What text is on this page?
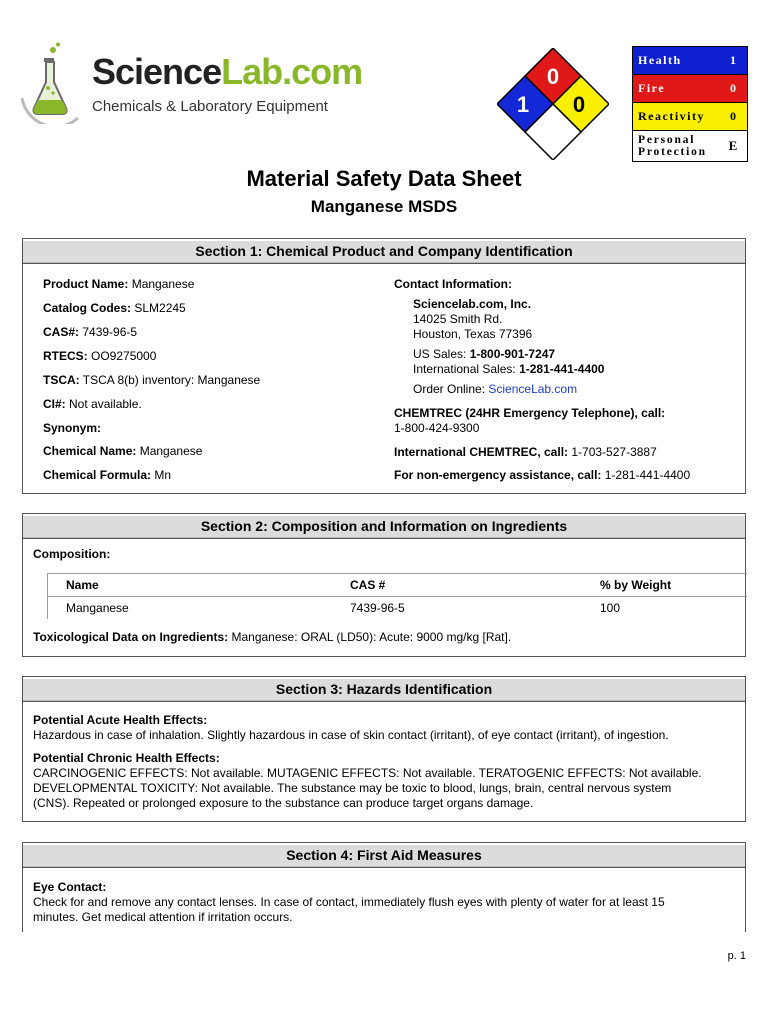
ScienceLab.com
Chemicals & Laboratory Equipment
0
1 0
Health	1
Fire	0
Reactivity	0
Personal
Protection	E
Material Safety Data Sheet
Manganese MSDS
Section 1: Chemical Product and Company Identification
Product Name: Manganese
Catalog Codes: SLM2245
CAS#: 7439-96-5
RTECS: OO9275000
TSCA: TSCA 8(b) inventory: Manganese
CI#: Not available.
Synonym:
Chemical Name: Manganese
Chemical Formula: Mn
Contact Information:
Sciencelab.com, Inc.
14025 Smith Rd.
Houston, Texas 77396
US Sales: 1-800-901-7247
International Sales: 1-281-441-4400
Order Online: ScienceLab.com
CHEMTREC (24HR Emergency Telephone), call:
1-800-424-9300
International CHEMTREC, call: 1-703-527-3887
For non-emergency assistance, call: 1-281-441-4400
Section 2: Composition and Information on Ingredients
Composition:
Name	CAS #	% by Weight
Manganese	7439-96-5	100
Toxicological Data on Ingredients: Manganese: ORAL (LD50): Acute: 9000 mg/kg [Rat].
Section 3: Hazards Identification
Potential Acute Health Effects:
Hazardous in case of inhalation. Slightly hazardous in case of skin contact (irritant), of eye contact (irritant), of ingestion.
Potential Chronic Health Effects:
CARCINOGENIC EFFECTS: Not available. MUTAGENIC EFFECTS: Not available. TERATOGENIC EFFECTS: Not available.
DEVELOPMENTAL TOXICITY: Not available. The substance may be toxic to blood, lungs, brain, central nervous system
(CNS). Repeated or prolonged exposure to the substance can produce target organs damage.
Section 4: First Aid Measures
Eye Contact:
Check for and remove any contact lenses. In case of contact, immediately flush eyes with plenty of water for at least 15
minutes. Get medical attention if irritation occurs.
p. 1
